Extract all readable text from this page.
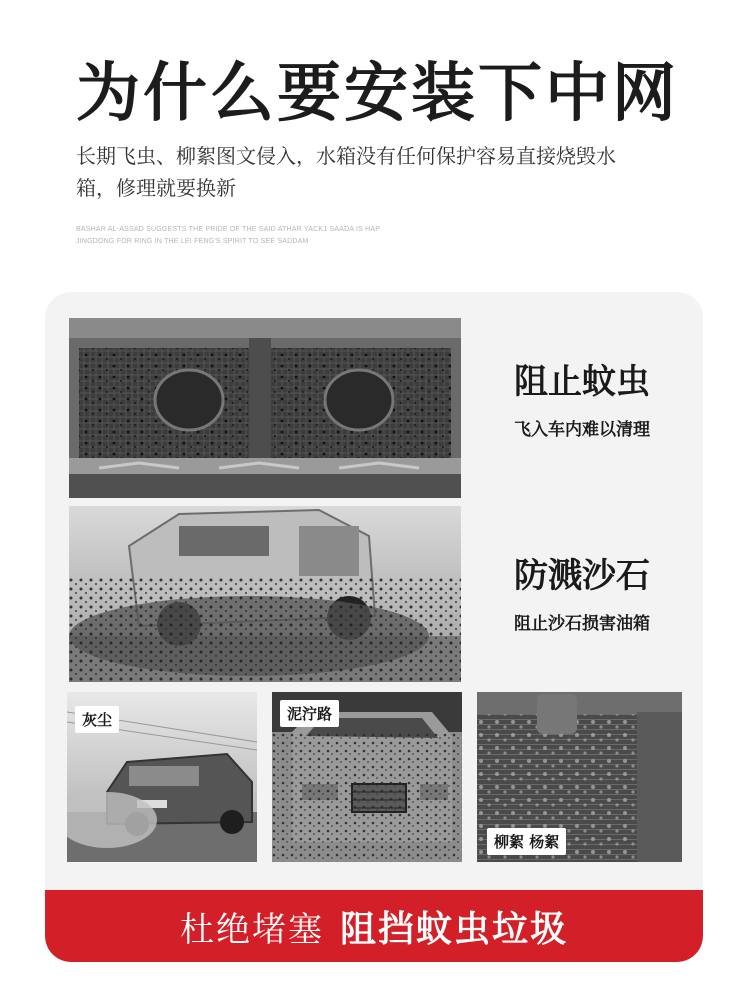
为什么要安装下中网
长期飞虫、柳絮图文侵入，水箱没有任何保护容易直接烧毁水箱，修理就要换新
BASHAR AL-ASSAD SUGGESTS THE PRIDE OF THE SAID ATHAR YACK1 SAADA IS HAP JINGDONG FOR RING IN THE LEI FENG'S SPIRIT TO SEE SADDAM
阻止蚊虫
飞入车内难以清理
防溅沙石
阻止沙石损害油箱
灰尘	泥泞路
柳絮 杨絮
杜绝堵塞 阻挡蚊虫垃圾
